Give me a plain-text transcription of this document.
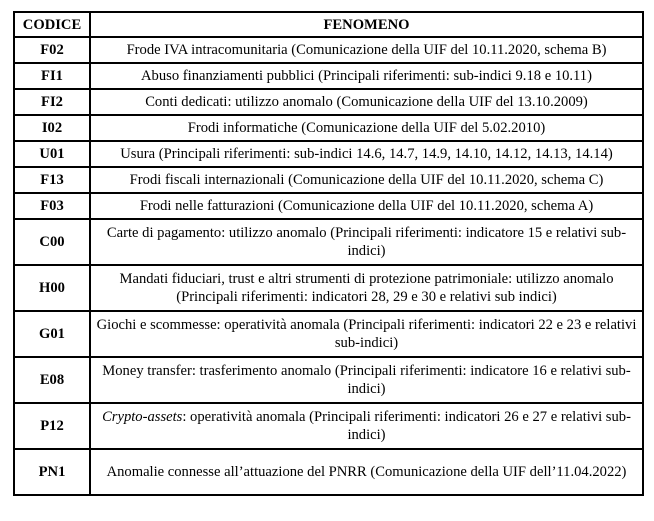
CODICE	FENOMENO
F02	Frode IVA intracomunitaria (Comunicazione della UIF del 10.11.2020, schema B)
FI1	Abuso finanziamenti pubblici (Principali riferimenti: sub-indici 9.18 e 10.11)
FI2	Conti dedicati: utilizzo anomalo (Comunicazione della UIF del 13.10.2009)
I02	Frodi informatiche (Comunicazione della UIF del 5.02.2010)
U01	Usura (Principali riferimenti: sub-indici 14.6, 14.7, 14.9, 14.10, 14.12, 14.13, 14.14)
F13	Frodi fiscali internazionali (Comunicazione della UIF del 10.11.2020, schema C)
F03	Frodi nelle fatturazioni (Comunicazione della UIF del 10.11.2020, schema A)
C00	Carte di pagamento: utilizzo anomalo (Principali riferimenti: indicatore 15 e relativi sub-indici)
H00	Mandati fiduciari, trust e altri strumenti di protezione patrimoniale: utilizzo anomalo (Principali riferimenti: indicatori 28, 29 e 30 e relativi sub indici)
G01	Giochi e scommesse: operatività anomala (Principali riferimenti: indicatori 22 e 23 e relativi sub-indici)
E08	Money transfer: trasferimento anomalo (Principali riferimenti: indicatore 16 e relativi sub-indici)
P12	Crypto-assets: operatività anomala (Principali riferimenti: indicatori 26 e 27 e relativi sub-indici)
PN1	Anomalie connesse all’attuazione del PNRR (Comunicazione della UIF dell’11.04.2022)
